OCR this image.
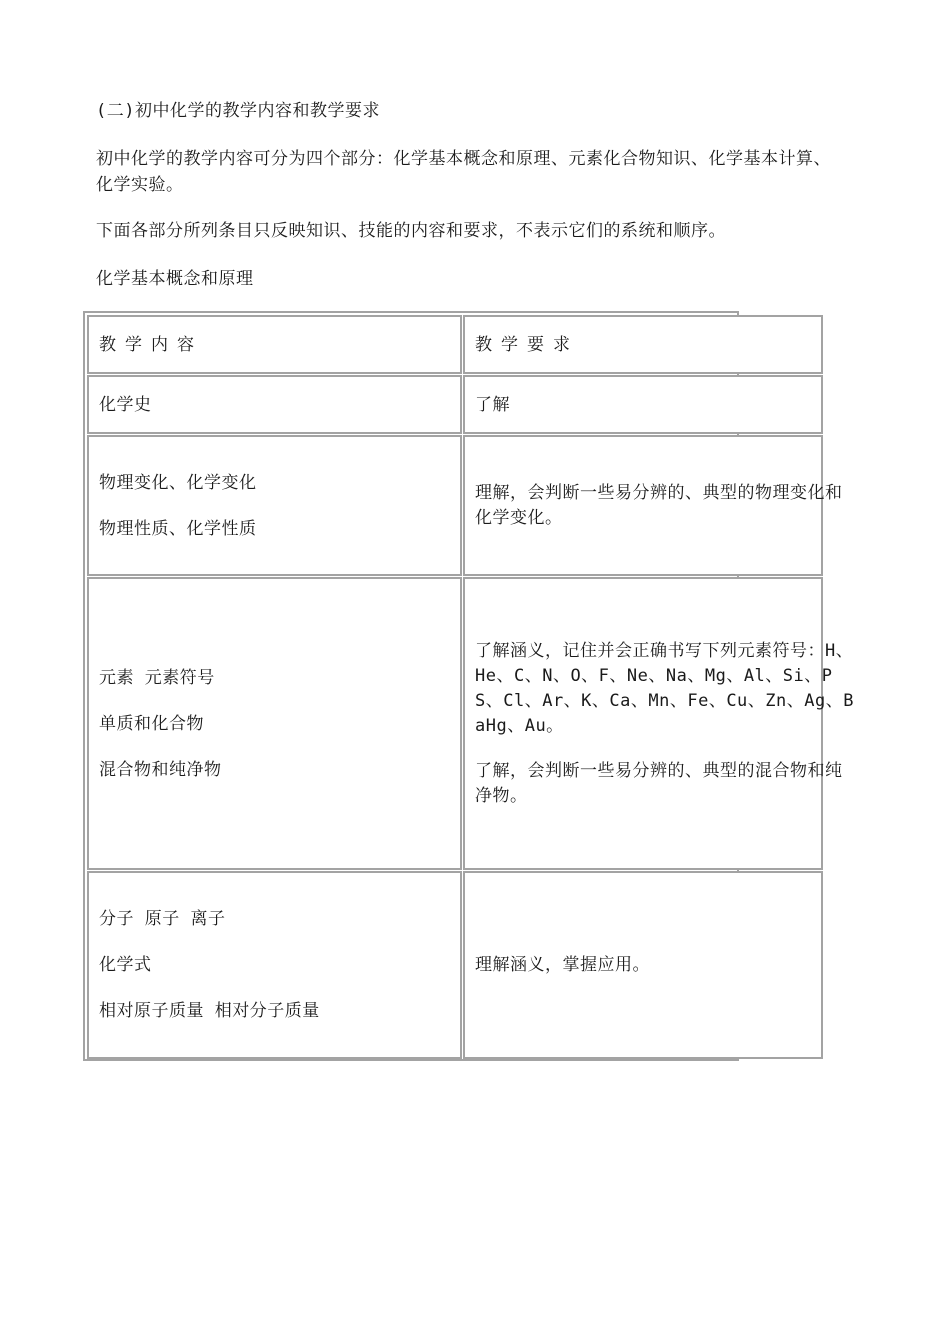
(二)初中化学的教学内容和教学要求

初中化学的教学内容可分为四个部分：化学基本概念和原理、元素化合物知识、化学基本计算、化学实验。

下面各部分所列条目只反映知识、技能的内容和要求，不表示它们的系统和顺序。

化学基本概念和原理

教学内容	教学要求
化学史	了解
物理变化、化学变化
物理性质、化学性质

理解，会判断一些易分辨的、典型的物理变化和化学变化。

元素 元素符号
单质和化合物
混合物和纯净物

了解涵义，记住并会正确书写下列元素符号：H、He、C、N、O、F、Ne、Na、Mg、Al、Si、PS、Cl、Ar、K、Ca、Mn、Fe、Cu、Zn、Ag、BaHg、Au。

了解，会判断一些易分辨的、典型的混合物和纯净物。

分子 原子 离子
化学式
相对原子质量 相对分子质量
理解涵义，掌握应用。
